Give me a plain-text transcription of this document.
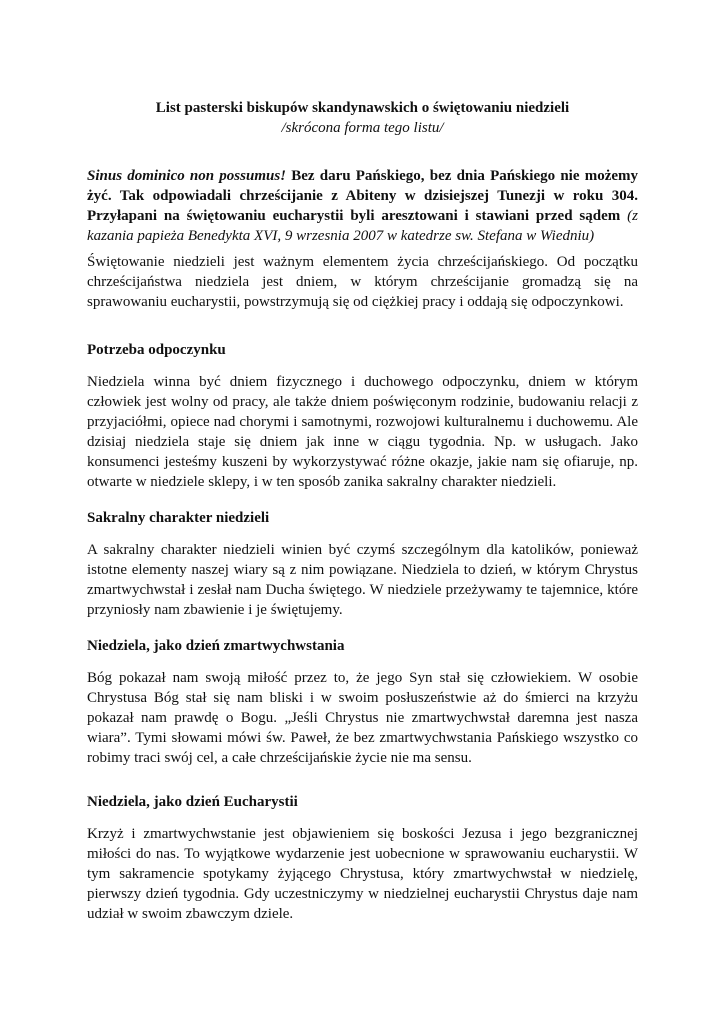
List pasterski biskupów skandynawskich o świętowaniu niedzieli

/skrócona forma tego listu/

Sinus dominico non possumus! Bez daru Pańskiego, bez dnia Pańskiego nie możemy żyć. Tak odpowiadali chrześcijanie z Abiteny w dzisiejszej Tunezji w roku 304. Przyłapani na świętowaniu eucharystii byli aresztowani i stawiani przed sądem (z kazania papieża Benedykta XVI, 9 wrzesnia 2007 w katedrze sw. Stefana w Wiedniu)

Świętowanie niedzieli jest ważnym elementem życia chrześcijańskiego. Od początku chrześcijaństwa niedziela jest dniem, w którym chrześcijanie gromadzą się na sprawowaniu eucharystii, powstrzymują się od ciężkiej pracy i oddają się odpoczynkowi.

Potrzeba odpoczynku

Niedziela winna być dniem fizycznego i duchowego odpoczynku, dniem w którym człowiek jest wolny od pracy, ale także dniem poświęconym rodzinie, budowaniu relacji z przyjaciółmi, opiece nad chorymi i samotnymi, rozwojowi kulturalnemu i duchowemu. Ale dzisiaj niedziela staje się dniem jak inne w ciągu tygodnia. Np. w usługach. Jako konsumenci jesteśmy kuszeni by wykorzystywać różne okazje, jakie nam się ofiaruje, np. otwarte w niedziele sklepy, i w ten sposób zanika sakralny charakter niedzieli.

Sakralny charakter niedzieli

A sakralny charakter niedzieli winien być czymś szczególnym dla katolików, ponieważ istotne elementy naszej wiary są z nim powiązane. Niedziela to dzień, w którym Chrystus zmartwychwstał i zesłał nam Ducha świętego. W niedziele przeżywamy te tajemnice, które przyniosły nam zbawienie i je świętujemy.

Niedziela, jako dzień zmartwychwstania

Bóg pokazał nam swoją miłość przez to, że jego Syn stał się człowiekiem. W osobie Chrystusa Bóg stał się nam bliski i w swoim posłuszeństwie aż do śmierci na krzyżu pokazał nam prawdę o Bogu. „Jeśli Chrystus nie zmartwychwstał daremna jest nasza wiara”. Tymi słowami mówi św. Paweł, że bez zmartwychwstania Pańskiego wszystko co robimy traci swój cel, a całe chrześcijańskie życie nie ma sensu.

Niedziela, jako dzień Eucharystii

Krzyż i zmartwychwstanie jest objawieniem się boskości Jezusa i jego bezgranicznej miłości do nas. To wyjątkowe wydarzenie jest uobecnione w sprawowaniu eucharystii. W tym sakramencie spotykamy żyjącego Chrystusa, który zmartwychwstał w niedzielę, pierwszy dzień tygodnia. Gdy uczestniczymy w niedzielnej eucharystii Chrystus daje nam udział w swoim zbawczym dziele.
